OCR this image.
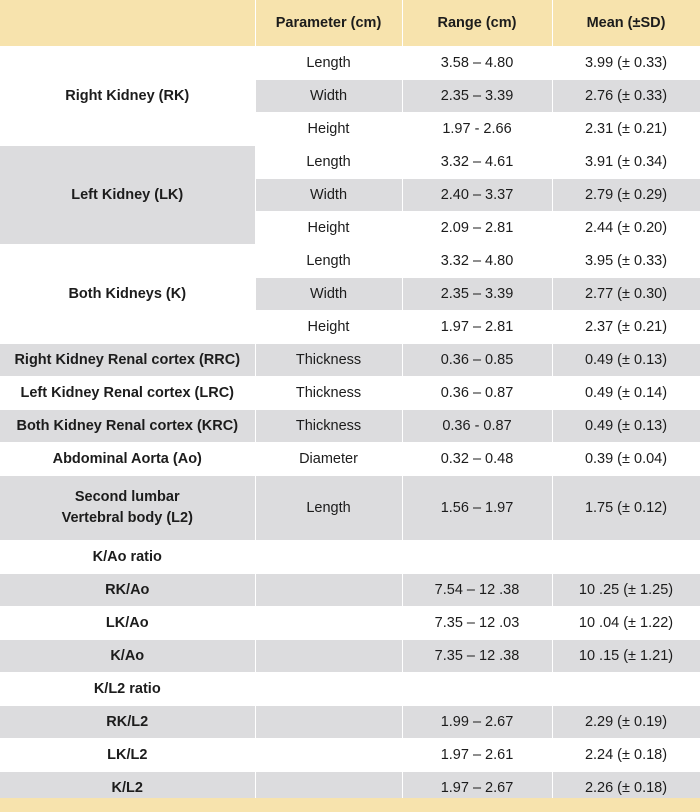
	Parameter (cm)	Range (cm)	Mean (±SD)
Right Kidney (RK)	Length	3.58 – 4.80	3.99 (± 0.33)
	Width	2.35 – 3.39	2.76 (± 0.33)
	Height	1.97 - 2.66	2.31 (± 0.21)
Left Kidney (LK)	Length	3.32 – 4.61	3.91 (± 0.34)
	Width	2.40 – 3.37	2.79 (± 0.29)
	Height	2.09 – 2.81	2.44 (± 0.20)
Both Kidneys (K)	Length	3.32 – 4.80	3.95 (± 0.33)
	Width	2.35 – 3.39	2.77 (± 0.30)
	Height	1.97 – 2.81	2.37 (± 0.21)
Right Kidney Renal cortex (RRC)	Thickness	0.36 – 0.85	0.49 (± 0.13)
Left Kidney Renal cortex (LRC)	Thickness	0.36 – 0.87	0.49 (± 0.14)
Both Kidney Renal cortex (KRC)	Thickness	0.36 - 0.87	0.49 (± 0.13)
Abdominal Aorta (Ao)	Diameter	0.32 – 0.48	0.39 (± 0.04)
Second lumbar
Vertebral body (L2)	Length	1.56 – 1.97	1.75 (± 0.12)
K/Ao ratio			
RK/Ao		7.54 – 12 .38	10 .25 (± 1.25)
LK/Ao		7.35 – 12 .03	10 .04 (± 1.22)
K/Ao		7.35 – 12 .38	10 .15 (± 1.21)
K/L2 ratio			
RK/L2		1.99 – 2.67	2.29 (± 0.19)
LK/L2		1.97 – 2.61	2.24 (± 0.18)
K/L2		1.97 – 2.67	2.26 (± 0.18)
